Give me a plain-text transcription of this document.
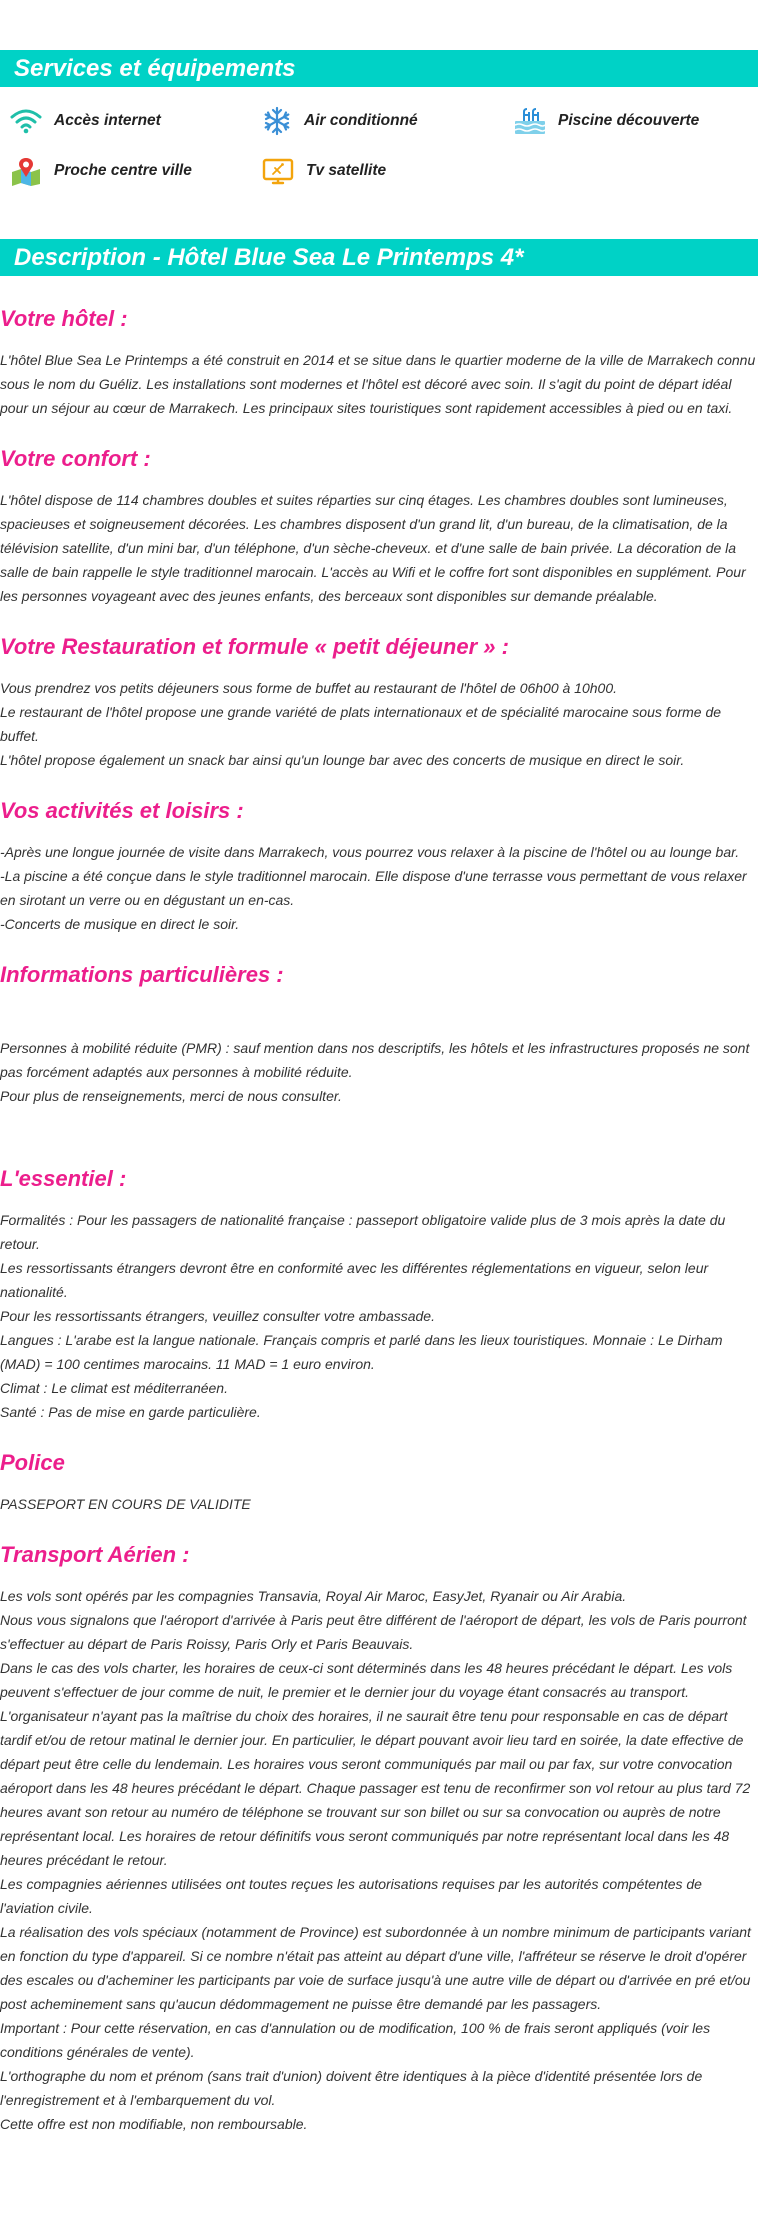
Services et équipements
Accès internet	Air conditionné	Piscine découverte
Proche centre ville	Tv satellite
Description - Hôtel Blue Sea Le Printemps 4*
Votre hôtel :

L'hôtel Blue Sea Le Printemps a été construit en 2014 et se situe dans le quartier moderne de la ville de Marrakech connu sous le nom du Guéliz. Les installations sont modernes et l'hôtel est décoré avec soin. Il s'agit du point de départ idéal pour un séjour au cœur de Marrakech. Les principaux sites touristiques sont rapidement accessibles à pied ou en taxi.

Votre confort :

L'hôtel dispose de 114 chambres doubles et suites réparties sur cinq étages. Les chambres doubles sont lumineuses, spacieuses et soigneusement décorées. Les chambres disposent d'un grand lit, d'un bureau, de la climatisation, de la télévision satellite, d'un mini bar, d'un téléphone, d'un sèche-cheveux. et d'une salle de bain privée. La décoration de la salle de bain rappelle le style traditionnel marocain. L'accès au Wifi et le coffre fort sont disponibles en supplément. Pour les personnes voyageant avec des jeunes enfants, des berceaux sont disponibles sur demande préalable.

Votre Restauration et formule « petit déjeuner » :

Vous prendrez vos petits déjeuners sous forme de buffet au restaurant de l'hôtel de 06h00 à 10h00.
Le restaurant de l'hôtel propose une grande variété de plats internationaux et de spécialité marocaine sous forme de buffet.
L'hôtel propose également un snack bar ainsi qu'un lounge bar avec des concerts de musique en direct le soir.

Vos activités et loisirs :

-Après une longue journée de visite dans Marrakech, vous pourrez vous relaxer à la piscine de l'hôtel ou au lounge bar.
-La piscine a été conçue dans le style traditionnel marocain. Elle dispose d'une terrasse vous permettant de vous relaxer en sirotant un verre ou en dégustant un en-cas.
-Concerts de musique en direct le soir.

Informations particulières :

Personnes à mobilité réduite (PMR) : sauf mention dans nos descriptifs, les hôtels et les infrastructures proposés ne sont pas forcément adaptés aux personnes à mobilité réduite.
Pour plus de renseignements, merci de nous consulter.

L'essentiel :

Formalités : Pour les passagers de nationalité française : passeport obligatoire valide plus de 3 mois après la date du retour.
Les ressortissants étrangers devront être en conformité avec les différentes réglementations en vigueur, selon leur nationalité.
Pour les ressortissants étrangers, veuillez consulter votre ambassade.
Langues : L'arabe est la langue nationale. Français compris et parlé dans les lieux touristiques. Monnaie : Le Dirham (MAD) = 100 centimes marocains. 11 MAD = 1 euro environ.
Climat : Le climat est méditerranéen.
Santé : Pas de mise en garde particulière.

Police

PASSEPORT EN COURS DE VALIDITE

Transport Aérien :

Les vols sont opérés par les compagnies Transavia, Royal Air Maroc, EasyJet, Ryanair ou Air Arabia.
Nous vous signalons que l'aéroport d'arrivée à Paris peut être différent de l'aéroport de départ, les vols de Paris pourront s'effectuer au départ de Paris Roissy, Paris Orly et Paris Beauvais.
Dans le cas des vols charter, les horaires de ceux-ci sont déterminés dans les 48 heures précédant le départ. Les vols peuvent s'effectuer de jour comme de nuit, le premier et le dernier jour du voyage étant consacrés au transport.
L'organisateur n'ayant pas la maîtrise du choix des horaires, il ne saurait être tenu pour responsable en cas de départ tardif et/ou de retour matinal le dernier jour. En particulier, le départ pouvant avoir lieu tard en soirée, la date effective de départ peut être celle du lendemain. Les horaires vous seront communiqués par mail ou par fax, sur votre convocation aéroport dans les 48 heures précédant le départ. Chaque passager est tenu de reconfirmer son vol retour au plus tard 72 heures avant son retour au numéro de téléphone se trouvant sur son billet ou sur sa convocation ou auprès de notre représentant local. Les horaires de retour définitifs vous seront communiqués par notre représentant local dans les 48 heures précédant le retour.
Les compagnies aériennes utilisées ont toutes reçues les autorisations requises par les autorités compétentes de l'aviation civile.
La réalisation des vols spéciaux (notamment de Province) est subordonnée à un nombre minimum de participants variant en fonction du type d'appareil. Si ce nombre n'était pas atteint au départ d'une ville, l'affréteur se réserve le droit d'opérer des escales ou d'acheminer les participants par voie de surface jusqu'à une autre ville de départ ou d'arrivée en pré et/ou post acheminement sans qu'aucun dédommagement ne puisse être demandé par les passagers.
Important : Pour cette réservation, en cas d'annulation ou de modification, 100 % de frais seront appliqués (voir les conditions générales de vente).
L'orthographe du nom et prénom (sans trait d'union) doivent être identiques à la pièce d'identité présentée lors de l'enregistrement et à l'embarquement du vol.
Cette offre est non modifiable, non remboursable.
